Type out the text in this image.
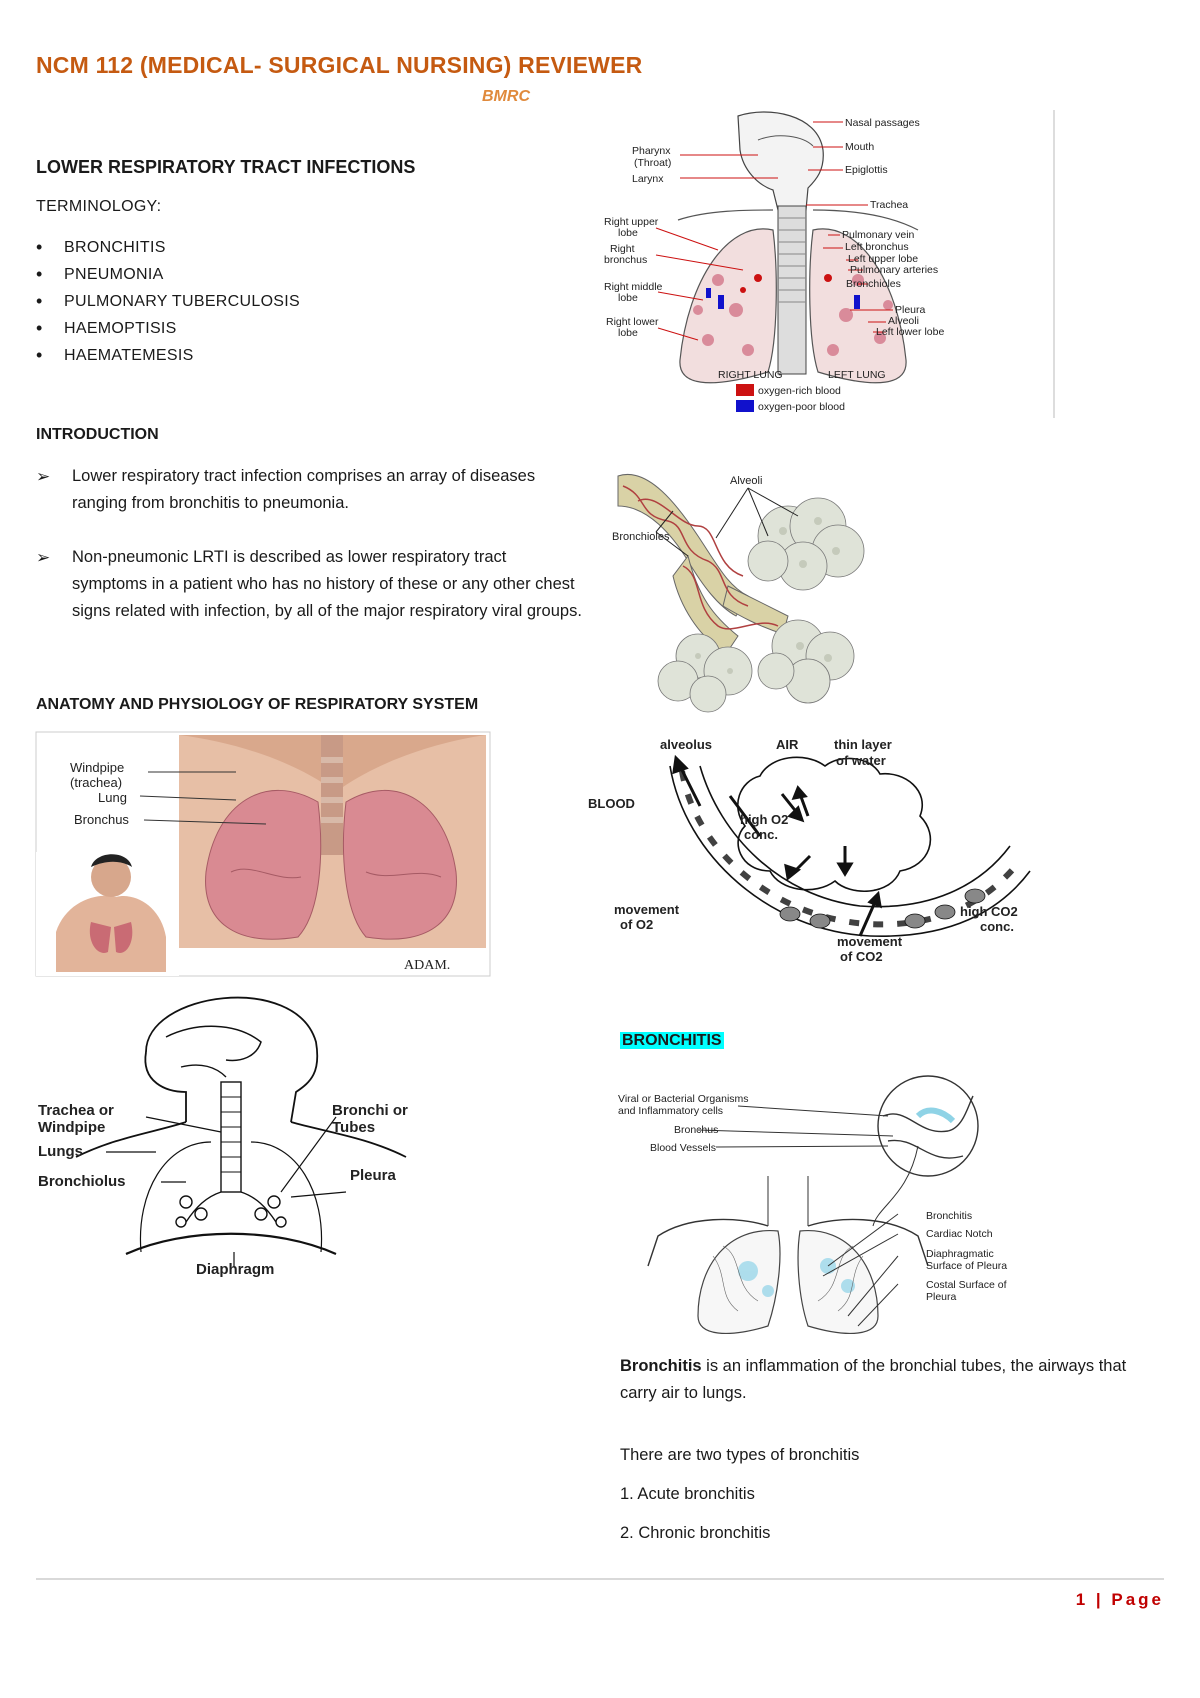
NCM 112 (MEDICAL- SURGICAL NURSING) REVIEWER
BMRC
LOWER RESPIRATORY TRACT INFECTIONS
TERMINOLOGY:
• BRONCHITIS
• PNEUMONIA
• PULMONARY TUBERCULOSIS
• HAEMOPTISIS
• HAEMATEMESIS
INTRODUCTION
➢ Lower respiratory tract infection comprises an array of diseases ranging from bronchitis to pneumonia.
➢ Non-pneumonic LRTI is described as lower respiratory tract symptoms in a patient who has no history of these or any other chest signs related with infection, by all of the major respiratory viral groups.
ANATOMY AND PHYSIOLOGY OF RESPIRATORY SYSTEM
Nasal passages
Mouth
Pharynx
(Throat)
Larynx
Epiglottis
Trachea
Right upper
lobe
Right
bronchus
Right middle
lobe
Right lower
lobe
Pulmonary vein
Left bronchus
Left upper lobe
Pulmonary arteries
Bronchioles
Pleura
Alveoli
Left lower lobe
RIGHT LUNG	LEFT LUNG
oxygen-rich blood
oxygen-poor blood
Alveoli
Bronchioles
alveolus	AIR	thin layer
of water
BLOOD
high O2
conc.
movement
of O2
high CO2
conc.
movement
of CO2
Windpipe
(trachea)
Lung
Bronchus
ADAM.
Trachea or
Windpipe
Lungs
Bronchiolus
Bronchi or
Tubes
Pleura
Diaphragm
BRONCHITIS
Viral or Bacterial Organisms
and Inflammatory cells
Bronchus
Blood Vessels
Bronchitis
Cardiac Notch
Diaphragmatic
Surface of Pleura
Costal Surface of
Pleura
Bronchitis is an inflammation of the bronchial tubes, the airways that carry air to lungs.
There are two types of bronchitis
1. Acute bronchitis
2. Chronic bronchitis
1 | Page
